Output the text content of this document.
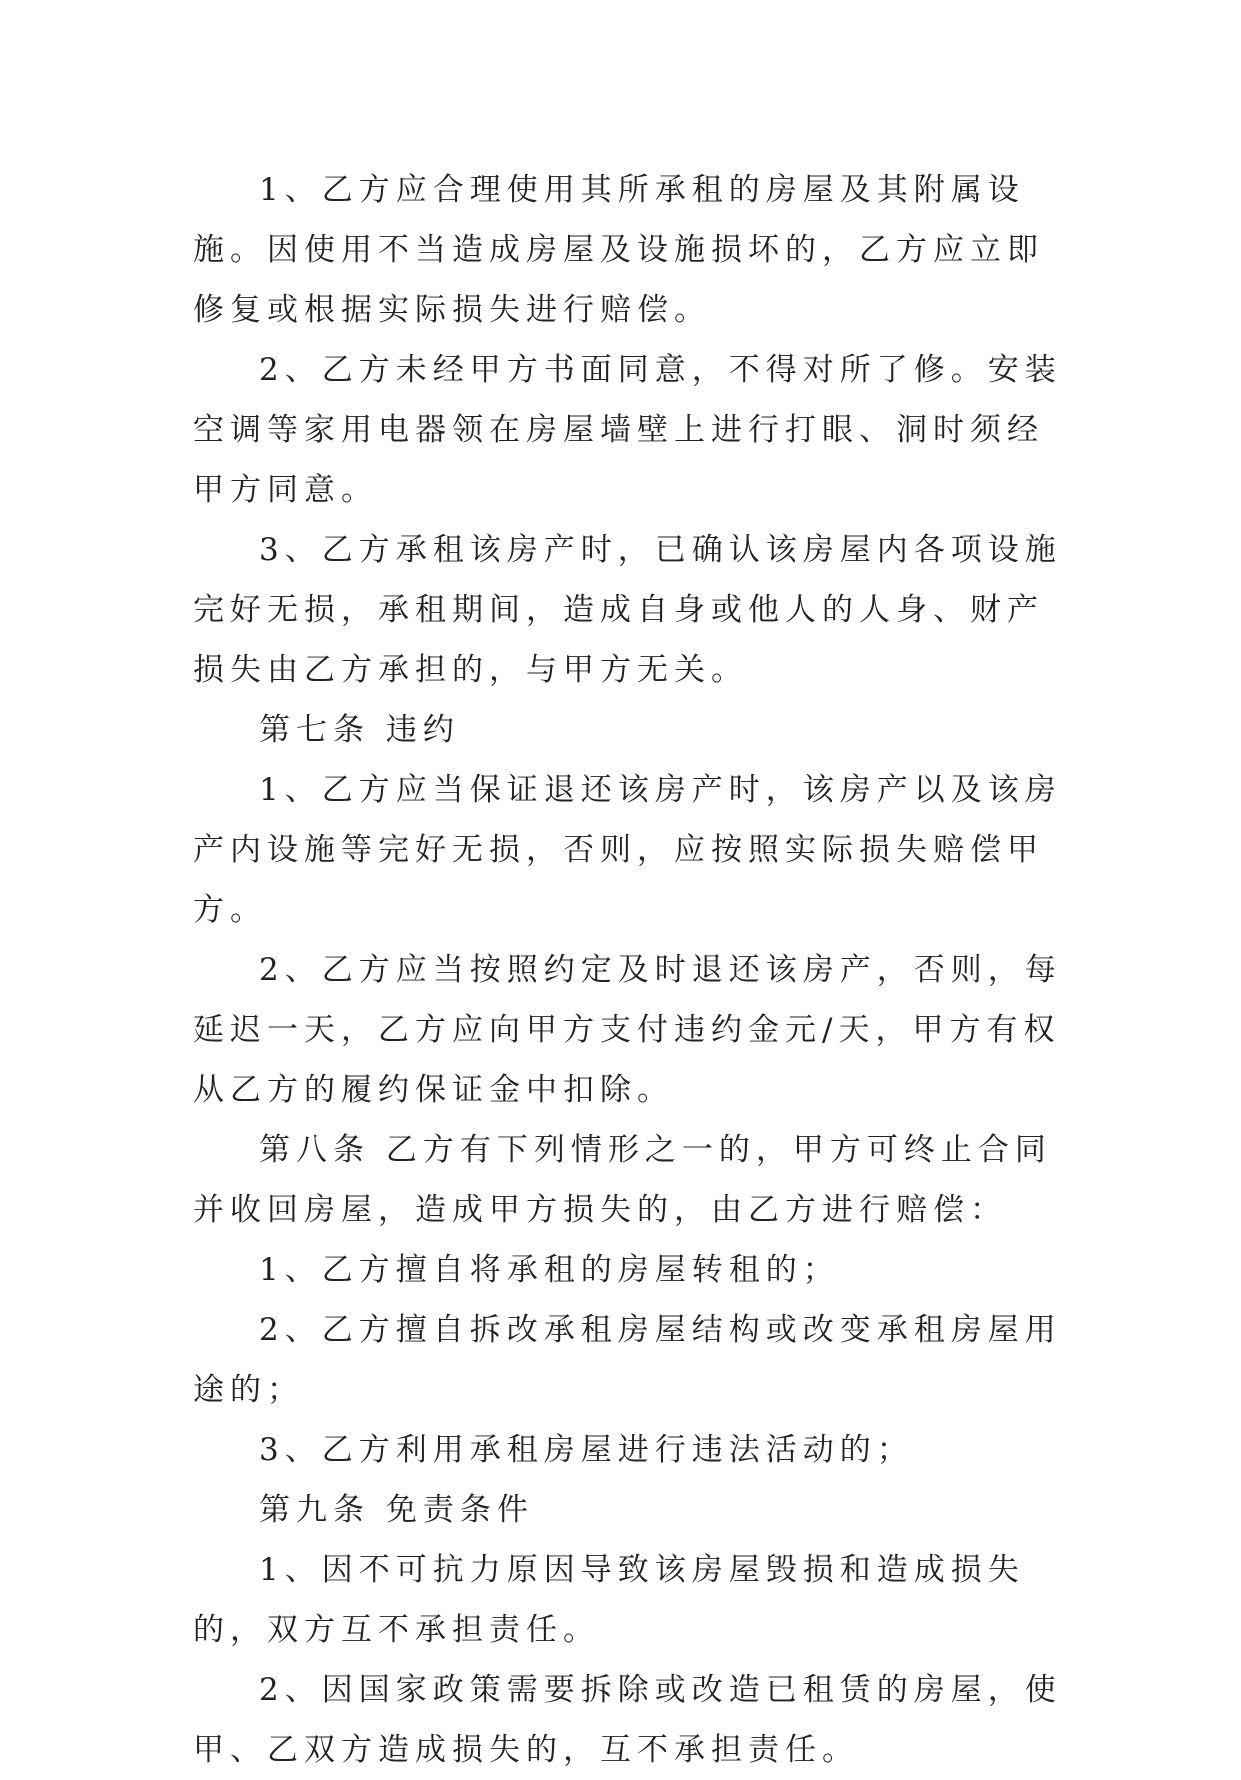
1、乙方应合理使用其所承租的房屋及其附属设施。因使用不当造成房屋及设施损坏的，乙方应立即修复或根据实际损失进行赔偿。

2、乙方未经甲方书面同意，不得对所了修。安装空调等家用电器领在房屋墙壁上进行打眼、洞时须经甲方同意。

3、乙方承租该房产时，已确认该房屋内各项设施完好无损，承租期间，造成自身或他人的人身、财产损失由乙方承担的，与甲方无关。

第七条 违约

1、乙方应当保证退还该房产时，该房产以及该房产内设施等完好无损，否则，应按照实际损失赔偿甲方。

2、乙方应当按照约定及时退还该房产，否则，每延迟一天，乙方应向甲方支付违约金元/天，甲方有权从乙方的履约保证金中扣除。

第八条 乙方有下列情形之一的，甲方可终止合同并收回房屋，造成甲方损失的，由乙方进行赔偿：

1、乙方擅自将承租的房屋转租的；

2、乙方擅自拆改承租房屋结构或改变承租房屋用途的；

3、乙方利用承租房屋进行违法活动的；

第九条 免责条件

1、因不可抗力原因导致该房屋毁损和造成损失的，双方互不承担责任。

2、因国家政策需要拆除或改造已租赁的房屋，使甲、乙双方造成损失的，互不承担责任。
